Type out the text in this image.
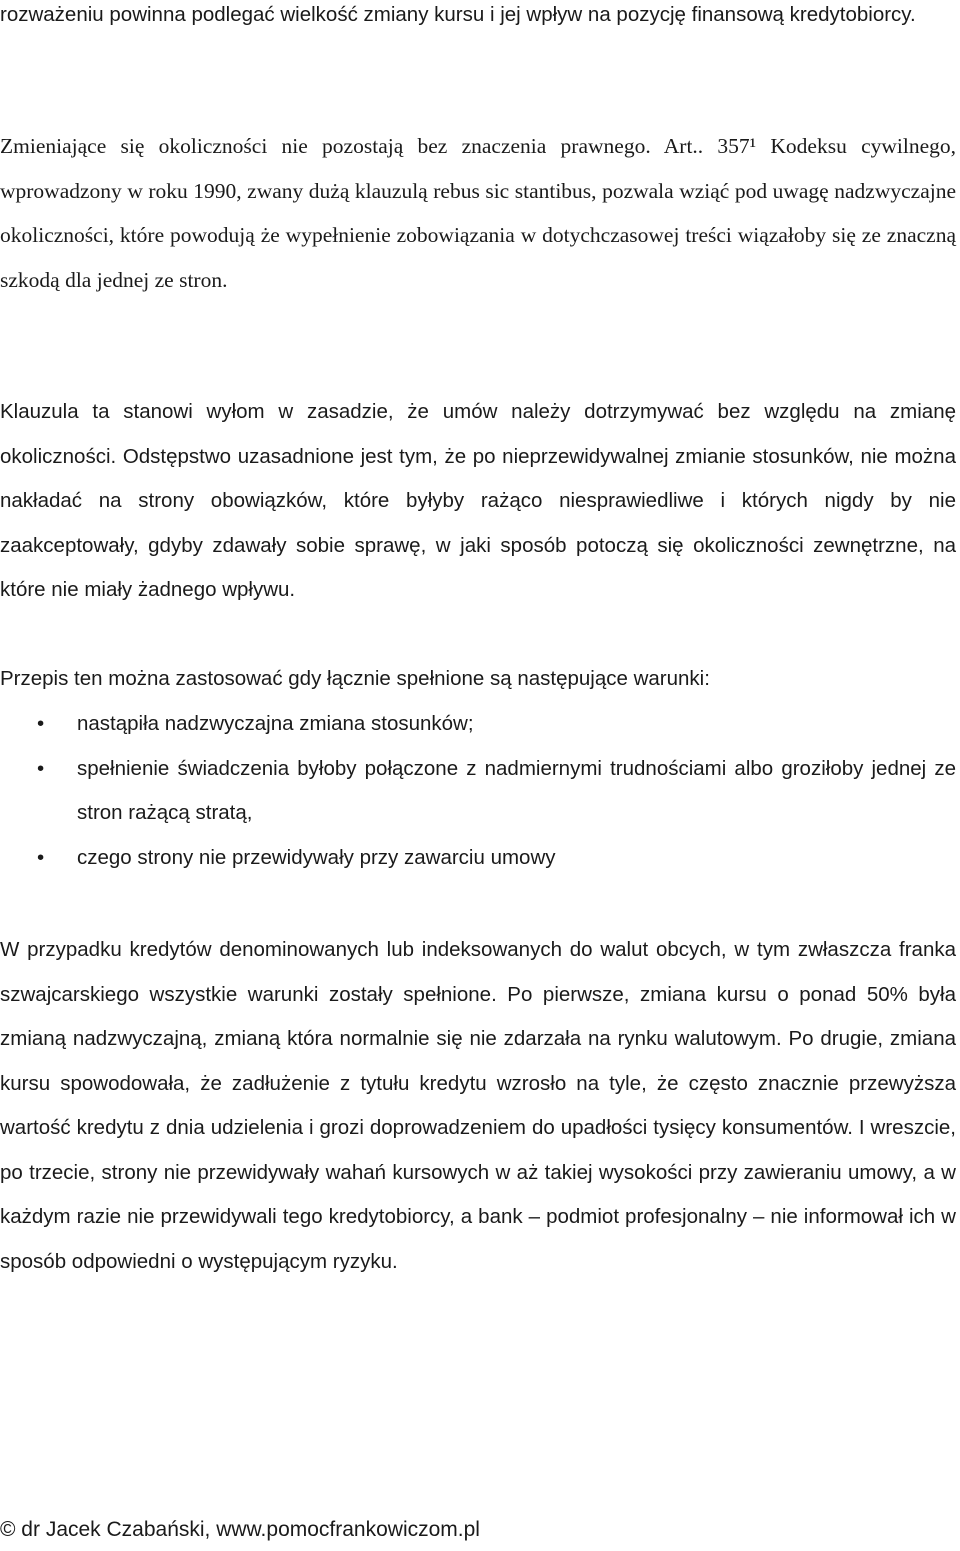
rozważeniu powinna podlegać wielkość zmiany kursu i jej wpływ na pozycję finansową kredytobiorcy.

Zmieniające się okoliczności nie pozostają bez znaczenia prawnego. Art.. 357¹ Kodeksu cywilnego, wprowadzony w roku 1990, zwany dużą klauzulą rebus sic stantibus, pozwala wziąć pod uwagę nadzwyczajne okoliczności, które powodują że wypełnienie zobowiązania w dotychczasowej treści wiązałoby się ze znaczną szkodą dla jednej ze stron.

Klauzula ta stanowi wyłom w zasadzie, że umów należy dotrzymywać bez względu na zmianę okoliczności. Odstępstwo uzasadnione jest tym, że po nieprzewidywalnej zmianie stosunków, nie można nakładać na strony obowiązków, które byłyby rażąco niesprawiedliwe i których nigdy by nie zaakceptowały, gdyby zdawały sobie sprawę, w jaki sposób potoczą się okoliczności zewnętrzne, na które nie miały żadnego wpływu.

Przepis ten można zastosować gdy łącznie spełnione są następujące warunki:

• nastąpiła nadzwyczajna zmiana stosunków;
• spełnienie świadczenia byłoby połączone z nadmiernymi trudnościami albo groziłoby jednej ze stron rażącą stratą,
• czego strony nie przewidywały przy zawarciu umowy

W przypadku kredytów denominowanych lub indeksowanych do walut obcych, w tym zwłaszcza franka szwajcarskiego wszystkie warunki zostały spełnione. Po pierwsze, zmiana kursu o ponad 50% była zmianą nadzwyczajną, zmianą która normalnie się nie zdarzała na rynku walutowym. Po drugie, zmiana kursu spowodowała, że zadłużenie z tytułu kredytu wzrosło na tyle, że często znacznie przewyższa wartość kredytu z dnia udzielenia i grozi doprowadzeniem do upadłości tysięcy konsumentów. I wreszcie, po trzecie, strony nie przewidywały wahań kursowych w aż takiej wysokości przy zawieraniu umowy, a w każdym razie nie przewidywali tego kredytobiorcy, a bank – podmiot profesjonalny – nie informował ich w sposób odpowiedni o występującym ryzyku.

© dr Jacek Czabański, www.pomocfrankowiczom.pl
